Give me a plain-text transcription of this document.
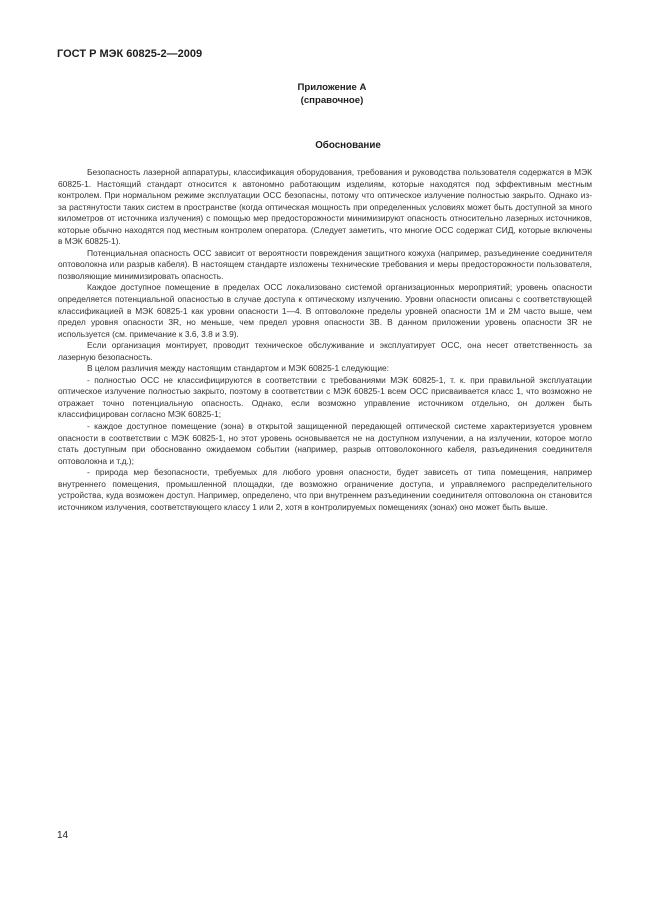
ГОСТ Р МЭК 60825-2—2009
Приложение А
(справочное)
Обоснование

Безопасность лазерной аппаратуры, классификация оборудования, требования и руководства пользователя содержатся в МЭК 60825-1. Настоящий стандарт относится к автономно работающим изделиям, которые находятся под эффективным местным контролем. При нормальном режиме эксплуатации ОСС безопасны, потому что оптическое излучение полностью закрыто. Однако из-за растянутости таких систем в пространстве (когда оптическая мощность при определенных условиях может быть доступной за много километров от источника излучения) с помощью мер предосторожности минимизируют опасность относительно лазерных источников, которые обычно находятся под местным контролем оператора. (Следует заметить, что многие ОСС содержат СИД, которые включены в МЭК 60825-1).

Потенциальная опасность ОСС зависит от вероятности повреждения защитного кожуха (например, разъединение соединителя оптоволокна или разрыв кабеля). В настоящем стандарте изложены технические требования и меры предосторожности пользователя, позволяющие минимизировать опасность.

Каждое доступное помещение в пределах ОСС локализовано системой организационных мероприятий; уровень опасности определяется потенциальной опасностью в случае доступа к оптическому излучению. Уровни опасности описаны с соответствующей классификацией в МЭК 60825-1 как уровни опасности 1—4. В оптоволокне пределы уровней опасности 1М и 2М часто выше, чем предел уровня опасности 3R, но меньше, чем предел уровня опасности 3В. В данном приложении уровень опасности 3R не используется (см. примечание к 3.6, 3.8 и 3.9).

Если организация монтирует, проводит техническое обслуживание и эксплуатирует ОСС, она несет ответственность за лазерную безопасность.

В целом различия между настоящим стандартом и МЭК 60825-1 следующие:

- полностью ОСС не классифицируются в соответствии с требованиями МЭК 60825-1, т. к. при правильной эксплуатации оптическое излучение полностью закрыто, поэтому в соответствии с МЭК 60825-1 всем ОСС присваивается класс 1, что возможно не отражает точно потенциальную опасность. Однако, если возможно управление источником отдельно, он должен быть классифицирован согласно МЭК 60825-1;

- каждое доступное помещение (зона) в открытой защищенной передающей оптической системе характеризуется уровнем опасности в соответствии с МЭК 60825-1, но этот уровень основывается не на доступном излучении, а на излучении, которое могло стать доступным при обоснованно ожидаемом событии (например, разрыв оптоволоконного кабеля, разъединения соединителя оптоволокна и т.д.);

- природа мер безопасности, требуемых для любого уровня опасности, будет зависеть от типа помещения, например внутреннего помещения, промышленной площадки, где возможно ограничение доступа, и управляемого распределительного устройства, куда возможен доступ. Например, определено, что при внутреннем разъединении соединителя оптоволокна он становится источником излучения, соответствующего классу 1 или 2, хотя в контролируемых помещениях (зонах) оно может быть выше.

14
